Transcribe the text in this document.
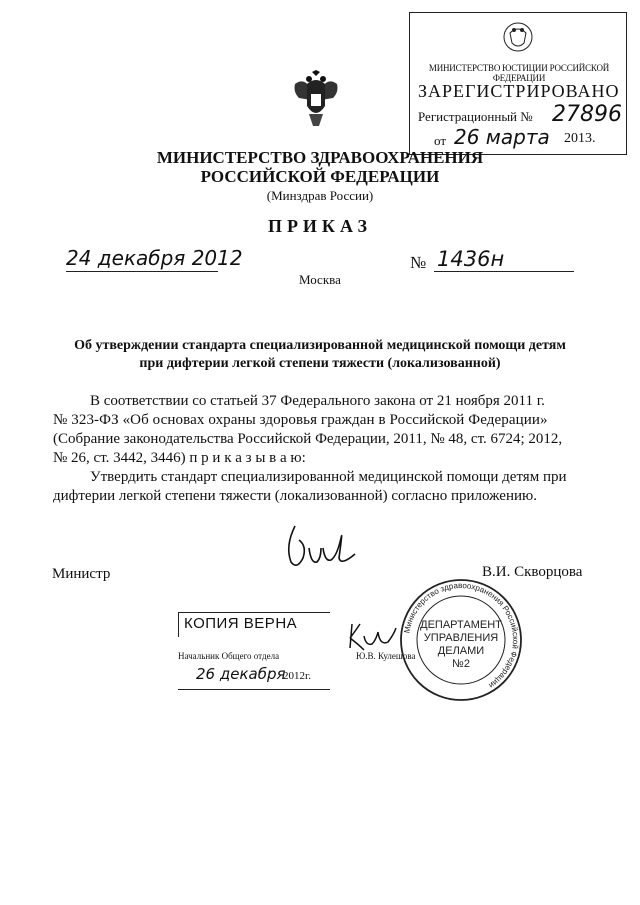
МИНИСТЕРСТВО ЮСТИЦИИ РОССИЙСКОЙ ФЕДЕРАЦИИ
ЗАРЕГИСТРИРОВАНО
Регистрационный № 27896
от 26 марта 2013.
МИНИСТЕРСТВО ЗДРАВООХРАНЕНИЯ
РОССИЙСКОЙ ФЕДЕРАЦИИ
(Минздрав России)
ПРИКАЗ
24 декабря 2012
Москва
№ 1436н
Об утверждении стандарта специализированной медицинской помощи детям
при дифтерии легкой степени тяжести (локализованной)
В соответствии со статьей 37 Федерального закона от 21 ноября 2011 г.
№ 323-ФЗ «Об основах охраны здоровья граждан в Российской Федерации»
(Собрание законодательства Российской Федерации, 2011, № 48, ст. 6724; 2012,
№ 26, ст. 3442, 3446) п р и к а з ы в а ю:
Утвердить стандарт специализированной медицинской помощи детям при
дифтерии легкой степени тяжести (локализованной) согласно приложению.
Министр	В.И. Скворцова
КОПИЯ ВЕРНА
Начальник Общего отдела	Ю.В. Кулешова
26 декабря
2012г.
Министерство здравоохранения Российской Федерации
ДЕПАРТАМЕНТ
УПРАВЛЕНИЯ
ДЕЛАМИ
№2
